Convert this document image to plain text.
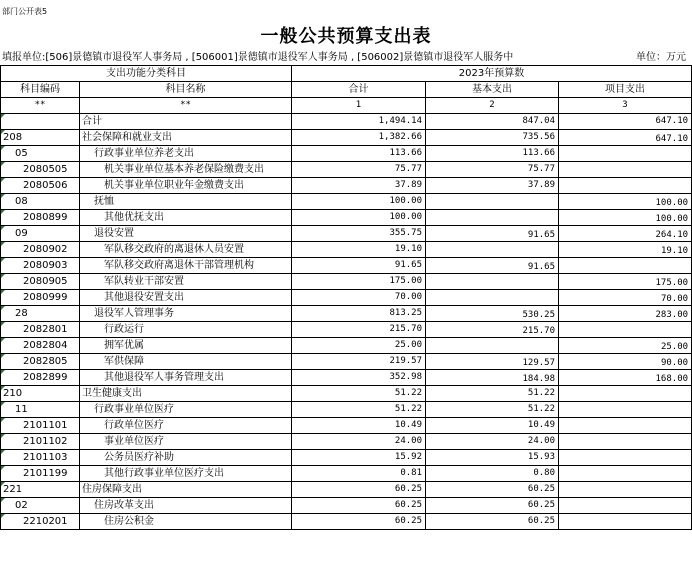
部门公开表5
一般公共预算支出表
填报单位:[506]景德镇市退役军人事务局 , [506001]景德镇市退役军人事务局 , [506002]景德镇市退役军人服务中	单位：万元
支出功能分类科目		2023年预算数		
科目编码	科目名称	合计	基本支出	项目支出
**	**	1	2	3
	合计	1,494.14	847.04	647.10
208	社会保障和就业支出	1,382.66	735.56	647.10
05	行政事业单位养老支出	113.66	113.66	
2080505	机关事业单位基本养老保险缴费支出	75.77	75.77	
2080506	机关事业单位职业年金缴费支出	37.89	37.89	
08	抚恤	100.00		100.00
2080899	其他优抚支出	100.00		100.00
09	退役安置	355.75	91.65	264.10
2080902	军队移交政府的离退休人员安置	19.10		19.10
2080903	军队移交政府离退休干部管理机构	91.65	91.65	
2080905	军队转业干部安置	175.00		175.00
2080999	其他退役安置支出	70.00		70.00
28	退役军人管理事务	813.25	530.25	283.00
2082801	行政运行	215.70	215.70	
2082804	拥军优属	25.00		25.00
2082805	军供保障	219.57	129.57	90.00
2082899	其他退役军人事务管理支出	352.98	184.98	168.00
210	卫生健康支出	51.22	51.22	
11	行政事业单位医疗	51.22	51.22	
2101101	行政单位医疗	10.49	10.49	
2101102	事业单位医疗	24.00	24.00	
2101103	公务员医疗补助	15.92	15.93	
2101199	其他行政事业单位医疗支出	0.81	0.80	
221	住房保障支出	60.25	60.25	
02	住房改革支出	60.25	60.25	
2210201	住房公积金	60.25	60.25	
